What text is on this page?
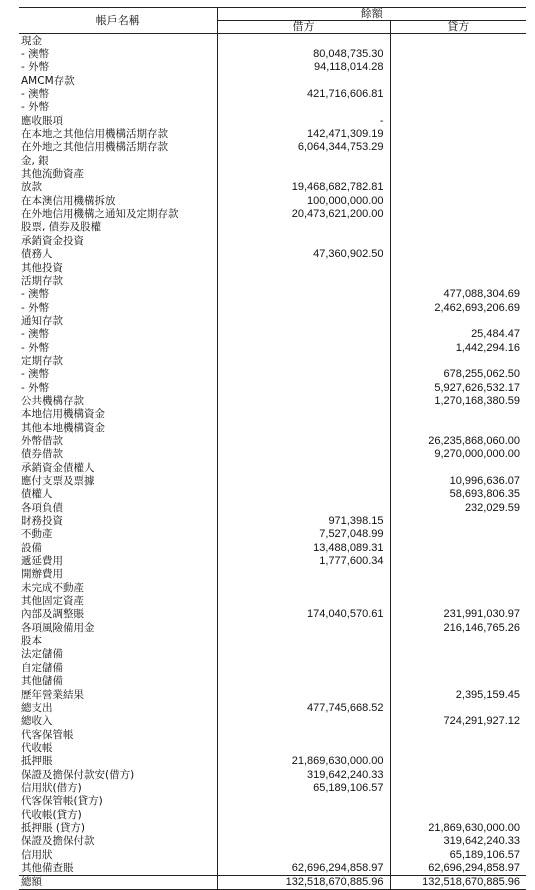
帳戶名稱	餘額	
	借方	貸方
現金		
- 澳幣	80,048,735.30	
- 外幣	94,118,014.28	
AMCM存款		
- 澳幣	421,716,606.81	
- 外幣		
應收賬項	-	
在本地之其他信用機構活期存款	142,471,309.19	
在外地之其他信用機構活期存款	6,064,344,753.29	
金, 銀		
其他流動資產		
放款	19,468,682,782.81	
在本澳信用機構拆放	100,000,000.00	
在外地信用機構之通知及定期存款	20,473,621,200.00	
股票, 債券及股權		
承銷資金投資		
債務人	47,360,902.50	
其他投資		
活期存款		
- 澳幣		477,088,304.69
- 外幣		2,462,693,206.69
通知存款		
- 澳幣		25,484.47
- 外幣		1,442,294.16
定期存款		
- 澳幣		678,255,062.50
- 外幣		5,927,626,532.17
公共機構存款		1,270,168,380.59
本地信用機構資金		
其他本地機構資金		
外幣借款		26,235,868,060.00
債券借款		9,270,000,000.00
承銷資金債權人		
應付支票及票據		10,996,636.07
債權人		58,693,806.35
各項負債		232,029.59
財務投資	971,398.15	
不動產	7,527,048.99	
設備	13,488,089.31	
遞延費用	1,777,600.34	
開辦費用		
未完成不動產		
其他固定資產		
內部及調整賬	174,040,570.61	231,991,030.97
各項風險備用金		216,146,765.26
股本		
法定儲備		
自定儲備		
其他儲備		
歷年營業結果		2,395,159.45
總支出	477,745,668.52	
總收入		724,291,927.12
代客保管帳		
代收帳		
抵押賬	21,869,630,000.00	
保證及擔保付款安(借方)	319,642,240.33	
信用狀(借方)	65,189,106.57	
代客保管帳(貸方)		
代收帳(貸方)		
抵押賬 (貸方)		21,869,630,000.00
保證及擔保付款		319,642,240.33
信用狀		65,189,106.57
其他備查賬	62,696,294,858.97	62,696,294,858.97
總額	132,518,670,885.96	132,518,670,885.96
